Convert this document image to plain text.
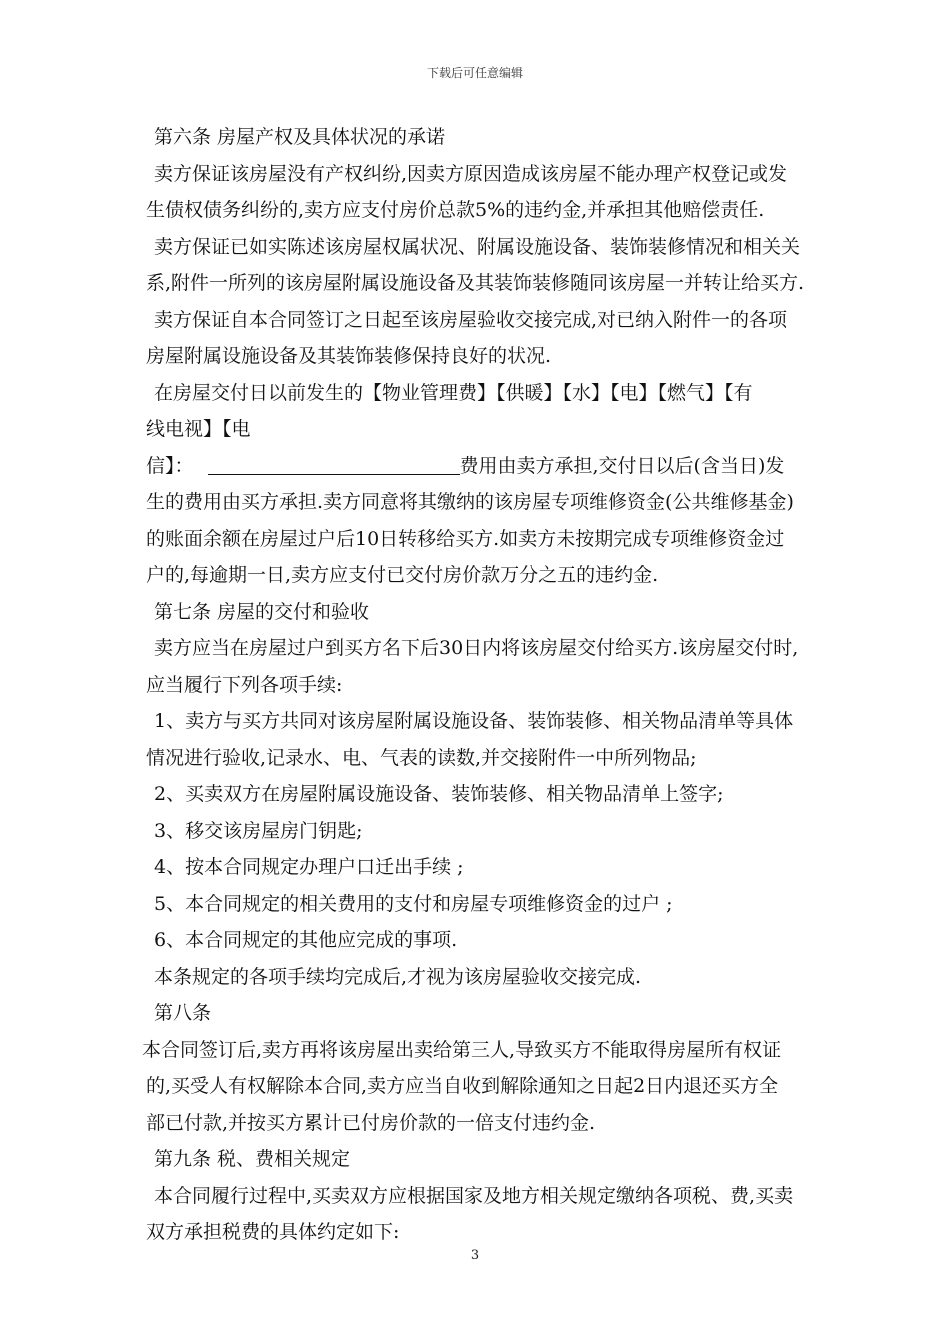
下载后可任意编辑
第六条 房屋产权及具体状况的承诺
卖方保证该房屋没有产权纠纷,因卖方原因造成该房屋不能办理产权登记或发
生债权债务纠纷的,卖方应支付房价总款5%的违约金,并承担其他赔偿责任.
卖方保证已如实陈述该房屋权属状况、附属设施设备、装饰装修情况和相关关
系,附件一所列的该房屋附属设施设备及其装饰装修随同该房屋一并转让给买方.
卖方保证自本合同签订之日起至该房屋验收交接完成,对已纳入附件一的各项
房屋附属设施设备及其装饰装修保持良好的状况.
在房屋交付日以前发生的【物业管理费】【供暖】【水】【电】【燃气】【有
线电视】【电
信】：	费用由卖方承担,交付日以后(含当日)发
生的费用由买方承担.卖方同意将其缴纳的该房屋专项维修资金(公共维修基金)
的账面余额在房屋过户后10日转移给买方.如卖方未按期完成专项维修资金过
户的,每逾期一日,卖方应支付已交付房价款万分之五的违约金.
第七条 房屋的交付和验收
卖方应当在房屋过户到买方名下后30日内将该房屋交付给买方.该房屋交付时,
应当履行下列各项手续:
1、卖方与买方共同对该房屋附属设施设备、装饰装修、相关物品清单等具体
情况进行验收,记录水、电、气表的读数,并交接附件一中所列物品;
2、买卖双方在房屋附属设施设备、装饰装修、相关物品清单上签字;
3、移交该房屋房门钥匙;
4、按本合同规定办理户口迁出手续 ;
5、本合同规定的相关费用的支付和房屋专项维修资金的过户 ;
6、本合同规定的其他应完成的事项.
本条规定的各项手续均完成后,才视为该房屋验收交接完成.
第八条
本合同签订后,卖方再将该房屋出卖给第三人,导致买方不能取得房屋所有权证
的,买受人有权解除本合同,卖方应当自收到解除通知之日起2日内退还买方全
部已付款,并按买方累计已付房价款的一倍支付违约金.
第九条 税、费相关规定
本合同履行过程中,买卖双方应根据国家及地方相关规定缴纳各项税、费,买卖
双方承担税费的具体约定如下:
3
